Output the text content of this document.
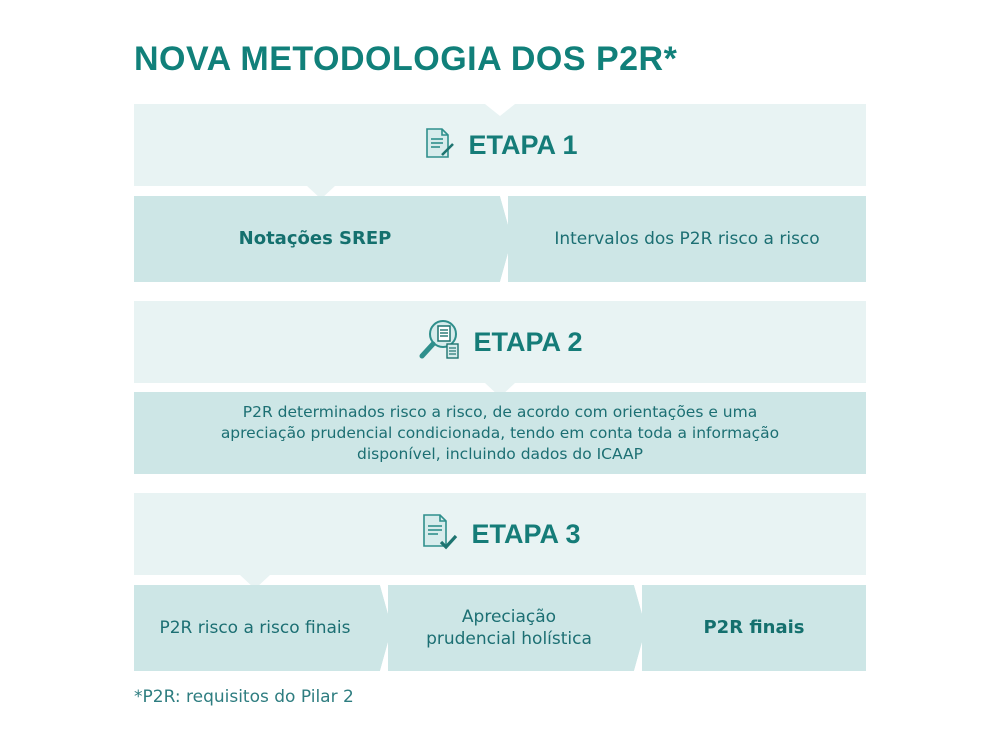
NOVA METODOLOGIA DOS P2R*
ETAPA 1
Notações SREP	Intervalos dos P2R risco a risco
ETAPA 2
P2R determinados risco a risco, de acordo com orientações e uma
apreciação prudencial condicionada, tendo em conta toda a informação
disponível, incluindo dados do ICAAP
ETAPA 3
P2R risco a risco finais
Apreciação
prudencial holística
P2R finais
*P2R: requisitos do Pilar 2
